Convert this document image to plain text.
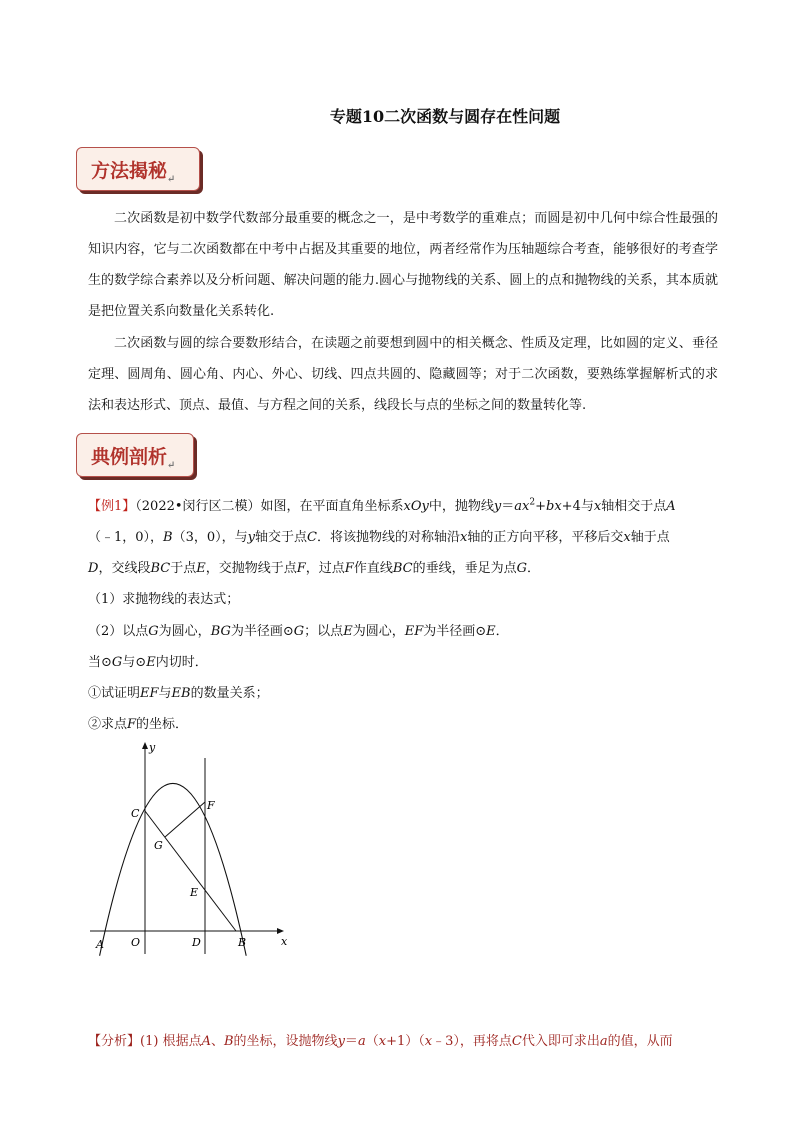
专题10二次函数与圆存在性问题
方法揭秘$_↵$

二次函数是初中数学代数部分最重要的概念之一，是中考数学的重难点；而圆是初中几何中综合性最强的知识内容，它与二次函数都在中考中占据及其重要的地位，两者经常作为压轴题综合考查，能够很好的考查学生的数学综合素养以及分析问题、解决问题的能力.圆心与抛物线的关系、圆上的点和抛物线的关系，其本质就是把位置关系向数量化关系转化.

二次函数与圆的综合要数形结合，在读题之前要想到圆中的相关概念、性质及定理，比如圆的定义、垂径定理、圆周角、圆心角、内心、外心、切线、四点共圆的、隐藏圆等；对于二次函数，要熟练掌握解析式的求法和表达形式、顶点、最值、与方程之间的关系，线段长与点的坐标之间的数量转化等.

典例剖析$_↵$

【例1】（2022•闵行区二模）如图，在平面直角坐标系xOy中，抛物线$y=ax^2+bx+4$与x轴相交于点A

（﹣1，0），B（3，0），与y轴交于点C．将该抛物线的对称轴沿x轴的正方向平移，平移后交x轴于点

D，交线段BC于点E，交抛物线于点F，过点F作直线BC的垂线，垂足为点G．

（1）求抛物线的表达式；

（2）以点G为圆心，BG为半径画⊙G；以点E为圆心，EF为半径画⊙E．

当⊙G与⊙E内切时．

①试证明EF与EB的数量关系；

②求点F的坐标．

y
x
A O	D	B
C
G
E
F

【分析】(1) 根据点A、B的坐标，设抛物线y＝a（x+1）（x﹣3），再将点C代入即可求出a的值，从而
